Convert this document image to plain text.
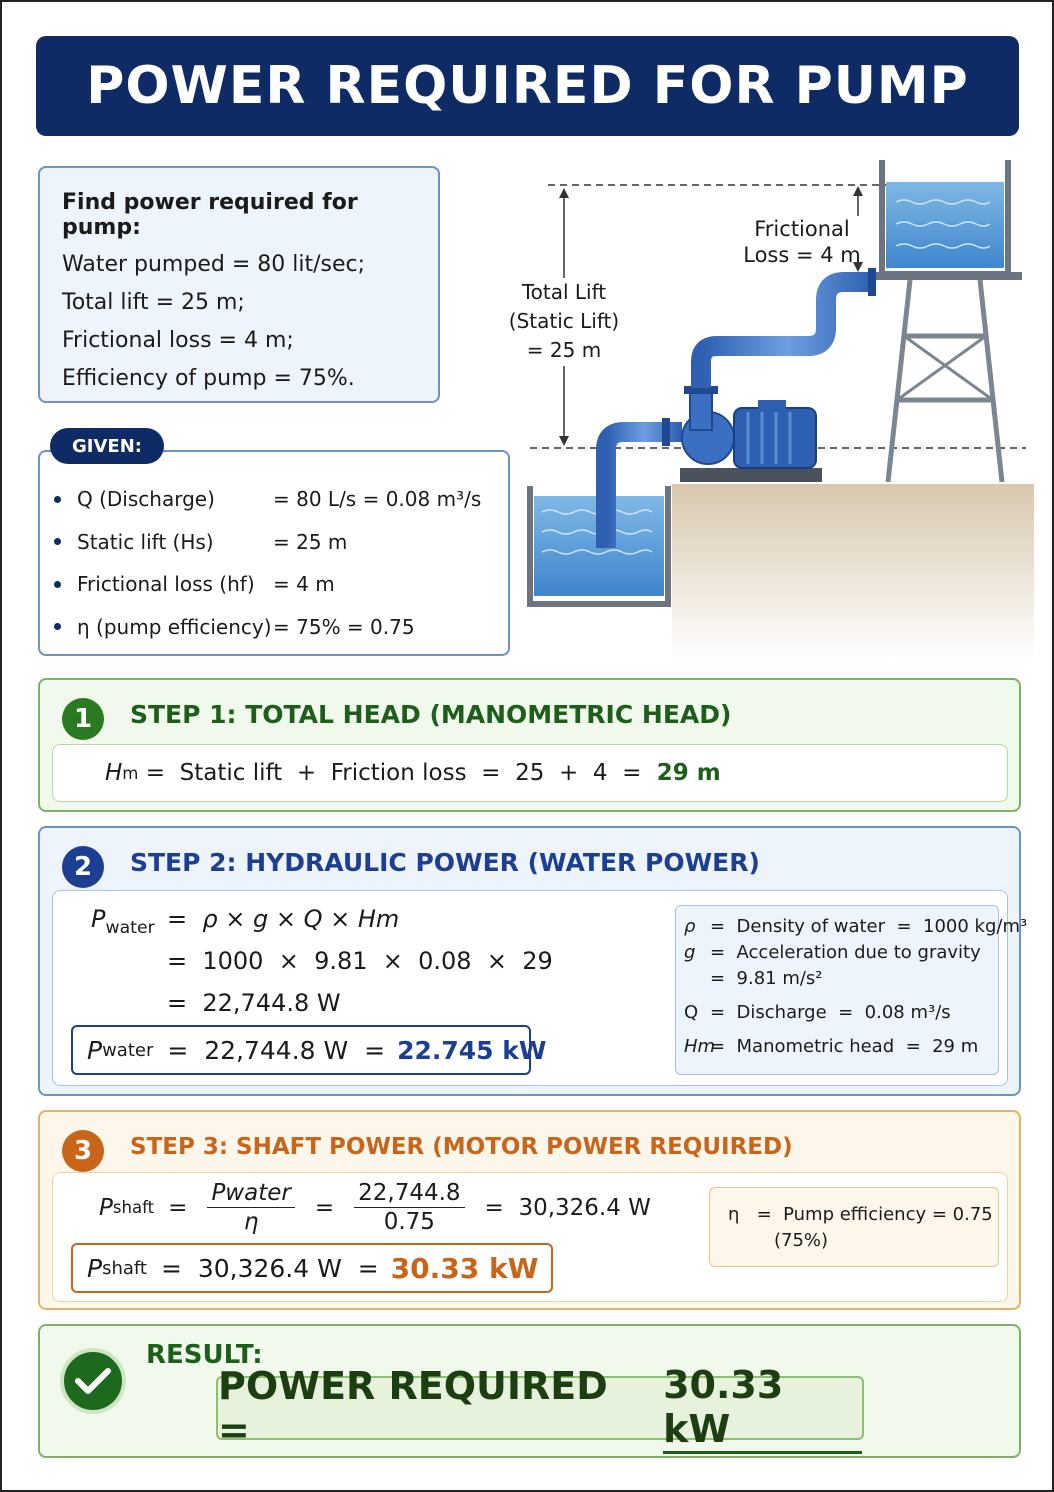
POWER REQUIRED FOR PUMP
Find power required for pump:
Water pumped = 80 lit/sec;
Total lift = 25 m;
Frictional loss = 4 m;
Efficiency of pump = 75%.
Q (Discharge)	= 80 L/s = 0.08 m³/s
Static lift (Hs)	= 25 m
Frictional loss (hf) = 4 m
η (pump efficiency) = 75% = 0.75
GIVEN:
Frictional
Loss = 4 m
Total Lift
(Static Lift)
= 25 m
1	STEP 1: TOTAL HEAD (MANOMETRIC HEAD)
H m =  Static lift  +  Friction loss  =  25  +  4  = 29 m
2	STEP 2: HYDRAULIC POWER (WATER POWER)
$P_{water} = \rho \times g \times Q \times Hm$
=  1000  ×  9.81  ×  0.08  ×  29
=  22,744.8 W
P water =  22,744.8 W  = 22.745 kW
ρ =  Density of water  =  1000 kg/m³
g =  Acceleration due to gravity
=  9.81 m/s²
Q =  Discharge  =  0.08 m³/s
Hm
=  Manometric head  =  29 m
3	STEP 3: SHAFT POWER (MOTOR POWER REQUIRED)
P shaft = $\frac{\text{Pwater}}{\eta} = \frac{22,744.8}{0.75} = 30,326.4$ W
P shaft =  30,326.4 W  = 30.33 kW
η   =  Pump efficiency = 0.75
(75%)
RESULT:
POWER REQUIRED =
30.33 kW
